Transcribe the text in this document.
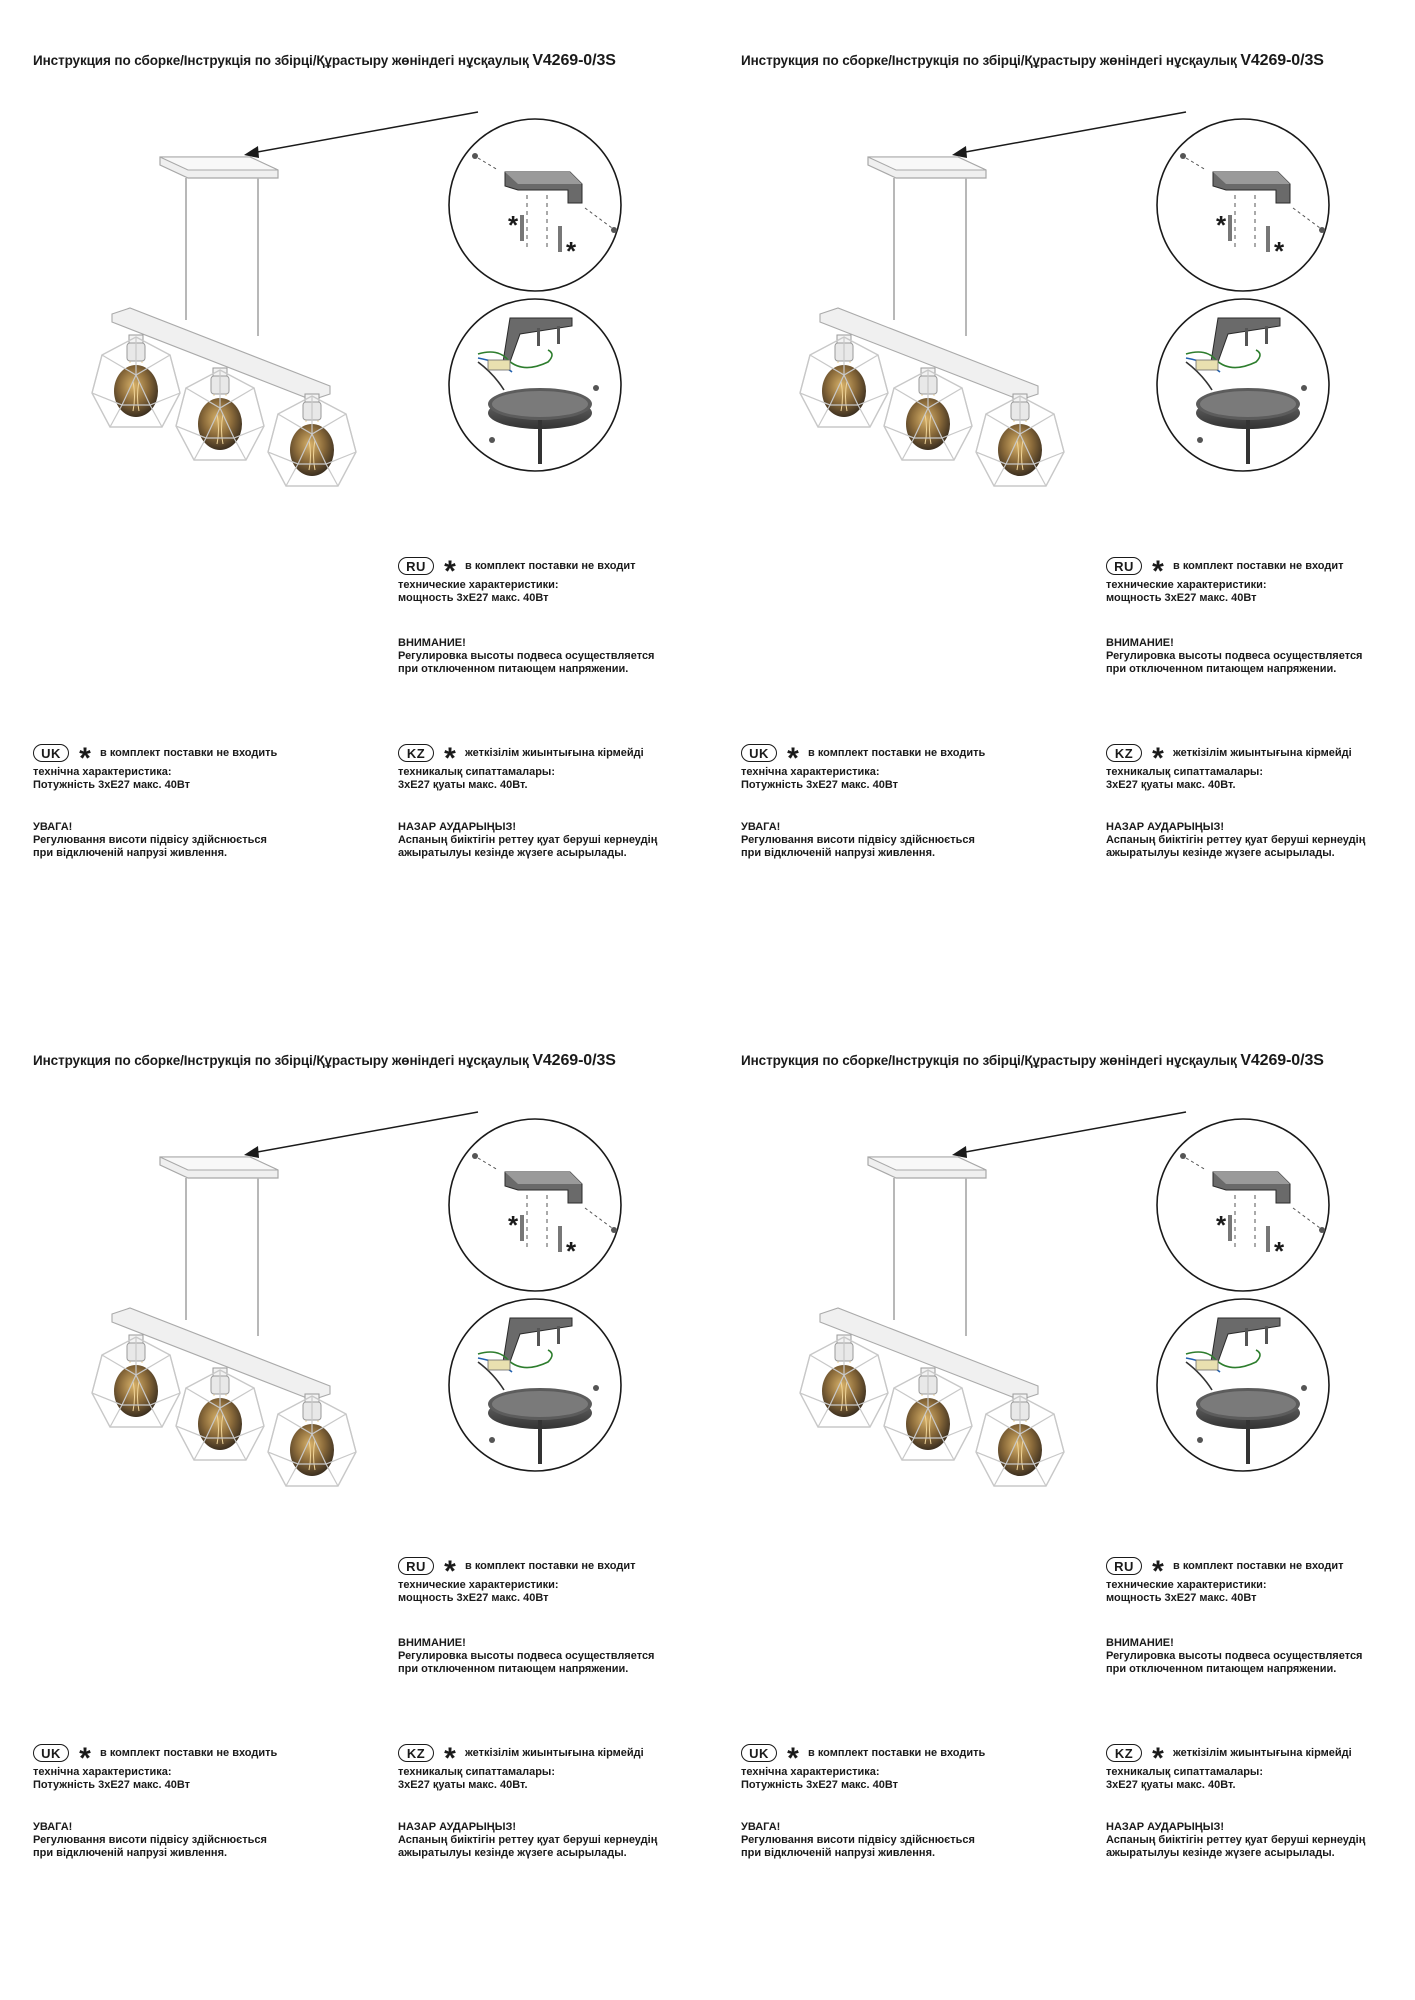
Инструкция по сборке/Інструкція по збірці/Құрастыру жөніндегі нұсқаулық V4269-0/3S
RU * в комплект поставки не входит
технические характеристики:
мощность 3хЕ27 макс. 40Вт
ВНИМАНИЕ!
Регулировка высоты подвеса осуществляется
при отключенном питающем напряжении.
UK * в комплект поставки не входить
технічна характеристика:
Потужність 3хЕ27 макс. 40Вт
УВАГА!
Регулювання висоти підвісу здійснюється
при відключеній напрузі живлення.
KZ * жеткізілім жиынтығына кірмейді
техникалық сипаттамалары:
3хЕ27 қуаты макс. 40Вт.
НАЗАР АУДАРЫҢЫЗ!
Аспаның биіктігін реттеу қуат беруші кернеудің
ажыратылуы кезінде жүзеге асырылады.
Инструкция по сборке/Інструкція по збірці/Құрастыру жөніндегі нұсқаулық V4269-0/3S
RU * в комплект поставки не входит
технические характеристики:
мощность 3хЕ27 макс. 40Вт
ВНИМАНИЕ!
Регулировка высоты подвеса осуществляется
при отключенном питающем напряжении.
UK * в комплект поставки не входить
технічна характеристика:
Потужність 3хЕ27 макс. 40Вт
УВАГА!
Регулювання висоти підвісу здійснюється
при відключеній напрузі живлення.
KZ * жеткізілім жиынтығына кірмейді
техникалық сипаттамалары:
3хЕ27 қуаты макс. 40Вт.
НАЗАР АУДАРЫҢЫЗ!
Аспаның биіктігін реттеу қуат беруші кернеудің
ажыратылуы кезінде жүзеге асырылады.
Инструкция по сборке/Інструкція по збірці/Құрастыру жөніндегі нұсқаулық V4269-0/3S
RU * в комплект поставки не входит
технические характеристики:
мощность 3хЕ27 макс. 40Вт
ВНИМАНИЕ!
Регулировка высоты подвеса осуществляется
при отключенном питающем напряжении.
UK * в комплект поставки не входить
технічна характеристика:
Потужність 3хЕ27 макс. 40Вт
УВАГА!
Регулювання висоти підвісу здійснюється
при відключеній напрузі живлення.
KZ * жеткізілім жиынтығына кірмейді
техникалық сипаттамалары:
3хЕ27 қуаты макс. 40Вт.
НАЗАР АУДАРЫҢЫЗ!
Аспаның биіктігін реттеу қуат беруші кернеудің
ажыратылуы кезінде жүзеге асырылады.
Инструкция по сборке/Інструкція по збірці/Құрастыру жөніндегі нұсқаулық V4269-0/3S
RU * в комплект поставки не входит
технические характеристики:
мощность 3хЕ27 макс. 40Вт
ВНИМАНИЕ!
Регулировка высоты подвеса осуществляется
при отключенном питающем напряжении.
UK * в комплект поставки не входить
технічна характеристика:
Потужність 3хЕ27 макс. 40Вт
УВАГА!
Регулювання висоти підвісу здійснюється
при відключеній напрузі живлення.
KZ * жеткізілім жиынтығына кірмейді
техникалық сипаттамалары:
3хЕ27 қуаты макс. 40Вт.
НАЗАР АУДАРЫҢЫЗ!
Аспаның биіктігін реттеу қуат беруші кернеудің
ажыратылуы кезінде жүзеге асырылады.
